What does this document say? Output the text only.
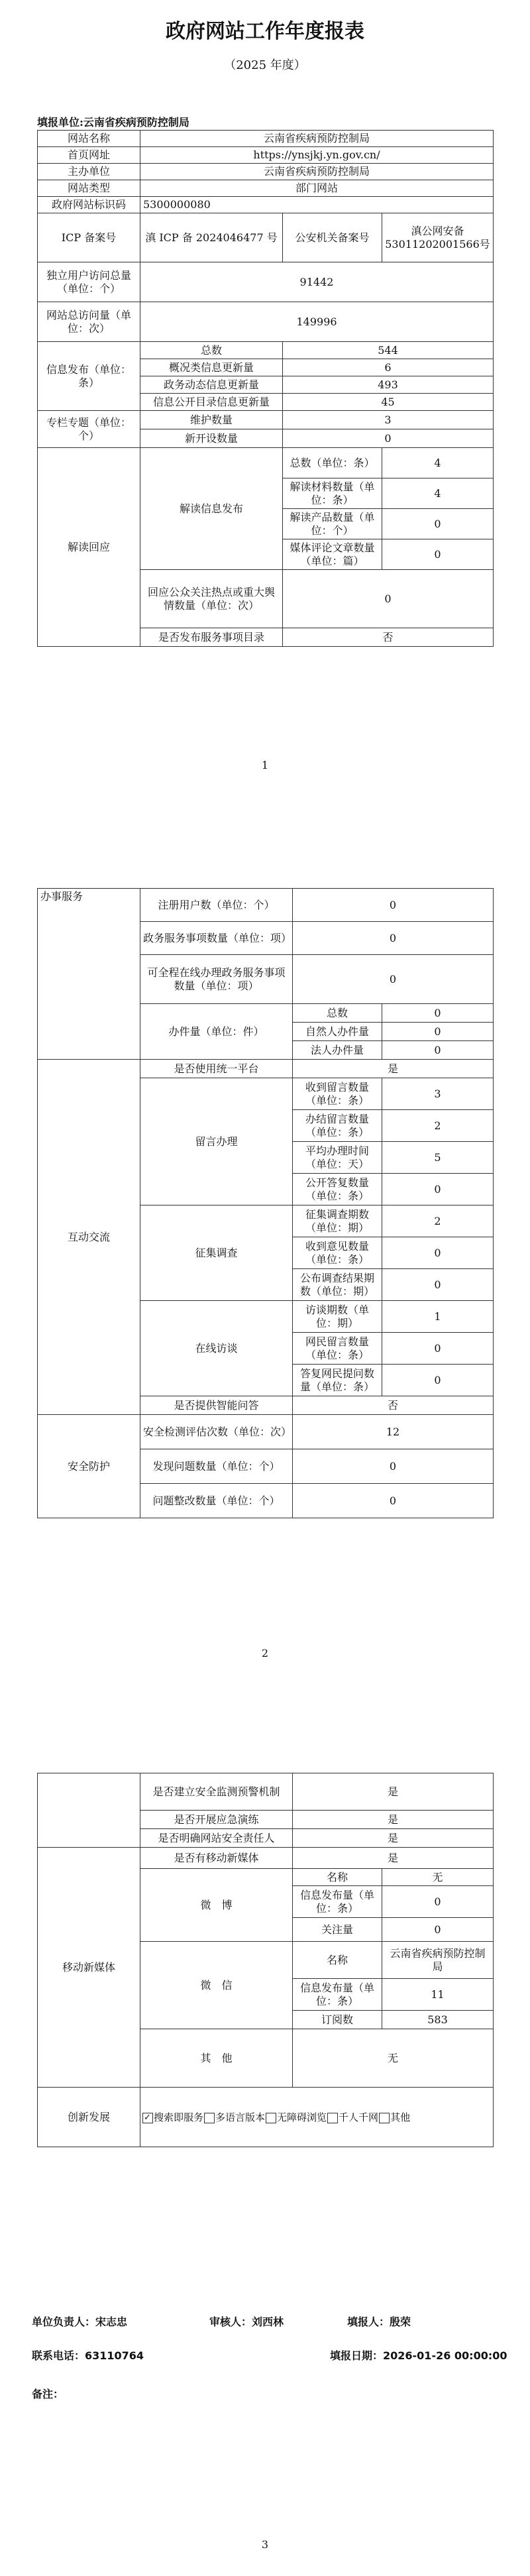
政府网站工作年度报表
（2025 年度）
填报单位:云南省疾病预防控制局
网站名称	云南省疾病预防控制局		
首页网址	https://ynsjkj.yn.gov.cn/		
主办单位	云南省疾病预防控制局		
网站类型	部门网站		
政府网站标识码	5300000080		
ICP 备案号	滇 ICP 备 2024046477 号	公安机关备案号	滇公网安备53011202001566号
独立用户访问总量（单位：个）	91442		
网站总访问量（单位：次）	149996		
信息发布（单位：条）	总数	544	
	概况类信息更新量	6	
	政务动态信息更新量	493	
	信息公开目录信息更新量	45	
专栏专题（单位：个）	维护数量	3	
	新开设数量	0	
解读回应	解读信息发布	总数（单位：条）	4
		解读材料数量（单位：条）	4
		解读产品数量（单位：个）	0
		媒体评论文章数量（单位：篇）	0
	回应公众关注热点或重大舆情数量（单位：次）	0	
	是否发布服务事项目录	否	
1
办事服务	注册用户数（单位：个）	0	
	政务服务事项数量（单位：项）	0	
	可全程在线办理政务服务事项数量（单位：项）	0	
	办件量（单位：件）	总数	0
		自然人办件量	0
		法人办件量	0

互动交流	是否使用统一平台	是	
	留言办理	收到留言数量（单位：条）	3
		办结留言数量（单位：条）	2
		平均办理时间（单位：天）	5
		公开答复数量（单位：条）	0
	征集调查	征集调查期数（单位：期）	2
		收到意见数量（单位：条）	0
		公布调查结果期数（单位：期）	0
	在线访谈	访谈期数（单位：期）	1
		网民留言数量（单位：条）	0
		答复网民提问数量（单位：条）	0
	是否提供智能问答	否	

安全防护	安全检测评估次数（单位：次）	12	
	发现问题数量（单位：个）	0	
	问题整改数量（单位：个）	0	
2
	是否建立安全监测预警机制	是	
	是否开展应急演练	是	
	是否明确网站安全责任人	是	
移动新媒体	是否有移动新媒体	是	
	微　博	名称	无
		信息发布量（单位：条）	0
		关注量	0
	微　信	名称	云南省疾病预防控制局
		信息发布量（单位：条）	11
		订阅数	583
	其　他	无	
创新发展	✓搜索即服务 多语言版本 无障碍浏览 千人千网 其他
单位负责人：宋志忠	审核人：刘西林	填报人：殷荣
联系电话：63110764	填报日期：2026-01-26 00:00:00
备注：
3
